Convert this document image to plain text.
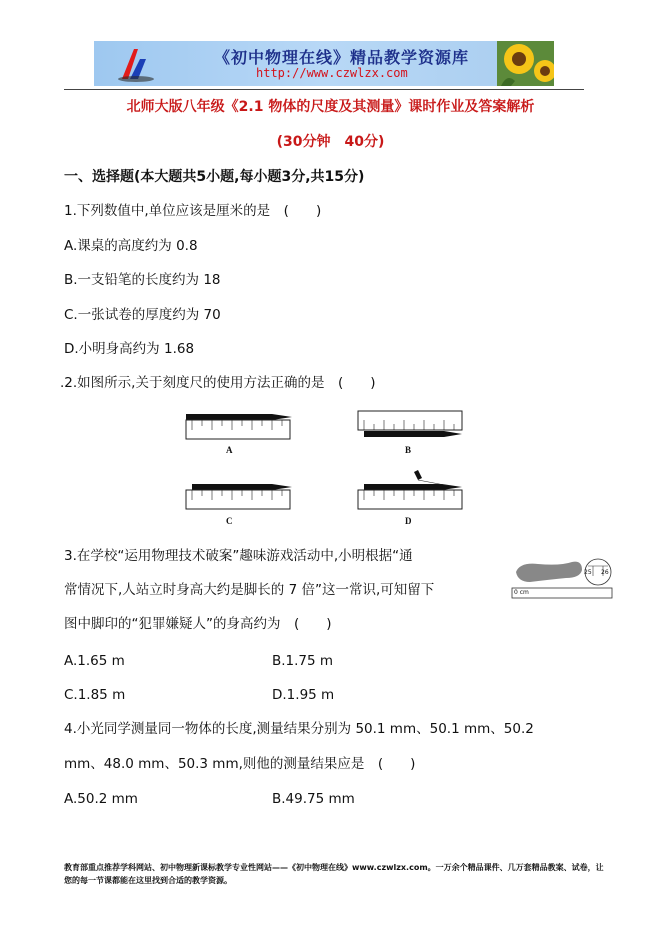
《初中物理在线》精品教学资源库
http://www.czwlzx.com
北师大版八年级《2.1 物体的尺度及其测量》课时作业及答案解析
(30分钟　40分)
一、选择题(本大题共5小题,每小题3分,共15分)
1.下列数值中,单位应该是厘米的是　(　　)
A.课桌的高度约为 0.8
B.一支铅笔的长度约为 18
C.一张试卷的厚度约为 70
D.小明身高约为 1.68
.2.如图所示,关于刻度尺的使用方法正确的是　(　　)
A	B
C	D
3.在学校“运用物理技术破案”趣味游戏活动中,小明根据“通
常情况下,人站立时身高大约是脚长的 7 倍”这一常识,可知留下
图中脚印的“犯罪嫌疑人”的身高约为　(　　)
25 26
0 cm
A.1.65 m	B.1.75 m
C.1.85 m	D.1.95 m
4.小光同学测量同一物体的长度,测量结果分别为 50.1 mm、50.1 mm、50.2
mm、48.0 mm、50.3 mm,则他的测量结果应是　(　　)
A.50.2 mm	B.49.75 mm
教育部重点推荐学科网站、初中物理新课标教学专业性网站——《初中物理在线》www.czwlzx.com。一万余个精品课件、几万套精品教案、试卷，让您的每一节课都能在这里找到合适的教学资源。
